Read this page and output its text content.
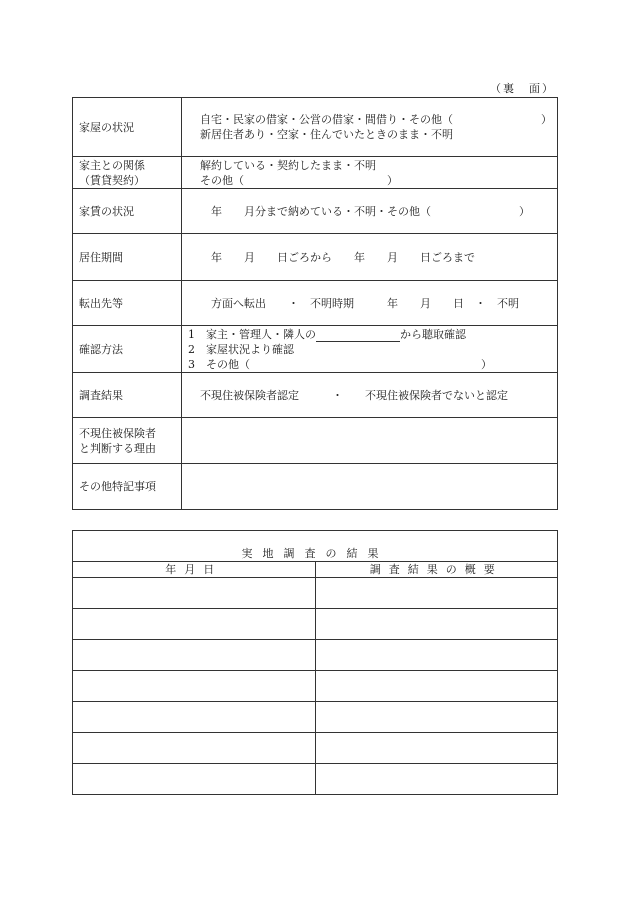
（裏　面）
家屋の状況	自宅・民家の借家・公営の借家・間借り・その他（　　　　　　　　）
新居住者あり・空家・住んでいたときのまま・不明

家主との関係
（賃貸契約）	解約している・契約したまま・不明
その他（　　　　　　　　　　　　　）

家賃の状況	　年　　月分まで納めている・不明・その他（　　　　　　　　）

居住期間	　年　　月　　日ごろから　　年　　月　　日ごろまで

転出先等	　方面へ転出　　・　不明時期　　　年　　月　　日　・　不明

確認方法	1　家主・管理人・隣人の から聴取確認
2　家屋状況より確認
3　その他（　　　　　　　　　　　　　　　　　　　　　）

調査結果	不現住被保険者認定　　　・　　不現住被保険者でないと認定

不現住被保険者
と判断する理由	

その他特記事項	
実地調査の結果	
年月日	調査結果の概要
